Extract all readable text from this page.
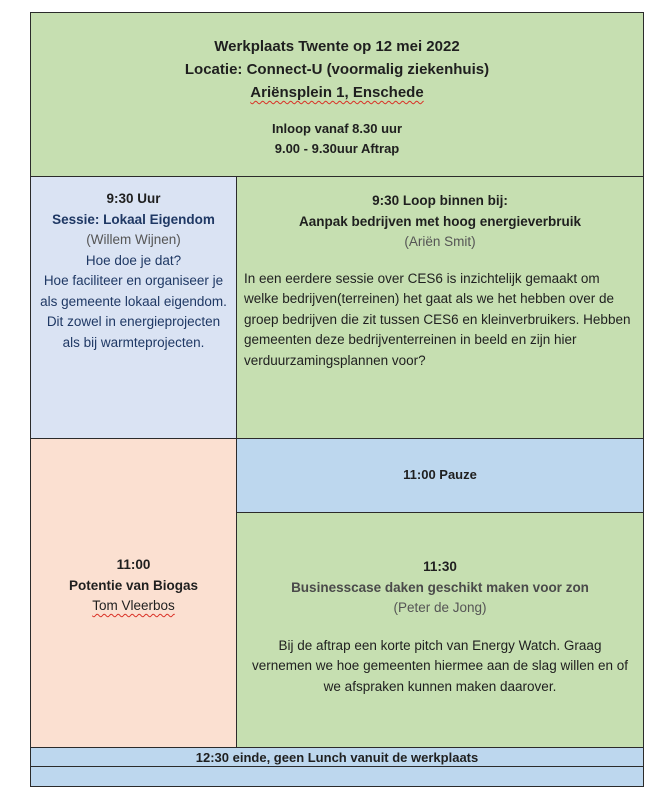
Werkplaats Twente op 12 mei 2022
Locatie: Connect-U (voormalig ziekenhuis)
Ariënsplein 1, Enschede
Inloop vanaf 8.30 uur
9.00 - 9.30uur Aftrap
9:30 Uur
Sessie: Lokaal Eigendom
(Willem Wijnen)
Hoe doe je dat?
Hoe faciliteer en organiseer je
als gemeente lokaal eigendom.
Dit zowel in energieprojecten
als bij warmteprojecten.
9:30 Loop binnen bij:
Aanpak bedrijven met hoog energieverbruik
(Ariën Smit)
In een eerdere sessie over CES6 is inzichtelijk gemaakt om
welke bedrijven(terreinen) het gaat als we het hebben over de
groep bedrijven die zit tussen CES6 en kleinverbruikers. Hebben
gemeenten deze bedrijventerreinen in beeld en zijn hier
verduurzamingsplannen voor?
11:00
Potentie van Biogas
Tom Vleerbos
11:00 Pauze
11:30
Businesscase daken geschikt maken voor zon
(Peter de Jong)
Bij de aftrap een korte pitch van Energy Watch. Graag
vernemen we hoe gemeenten hiermee aan de slag willen en of
we afspraken kunnen maken daarover.
12:30 einde, geen Lunch vanuit de werkplaats
